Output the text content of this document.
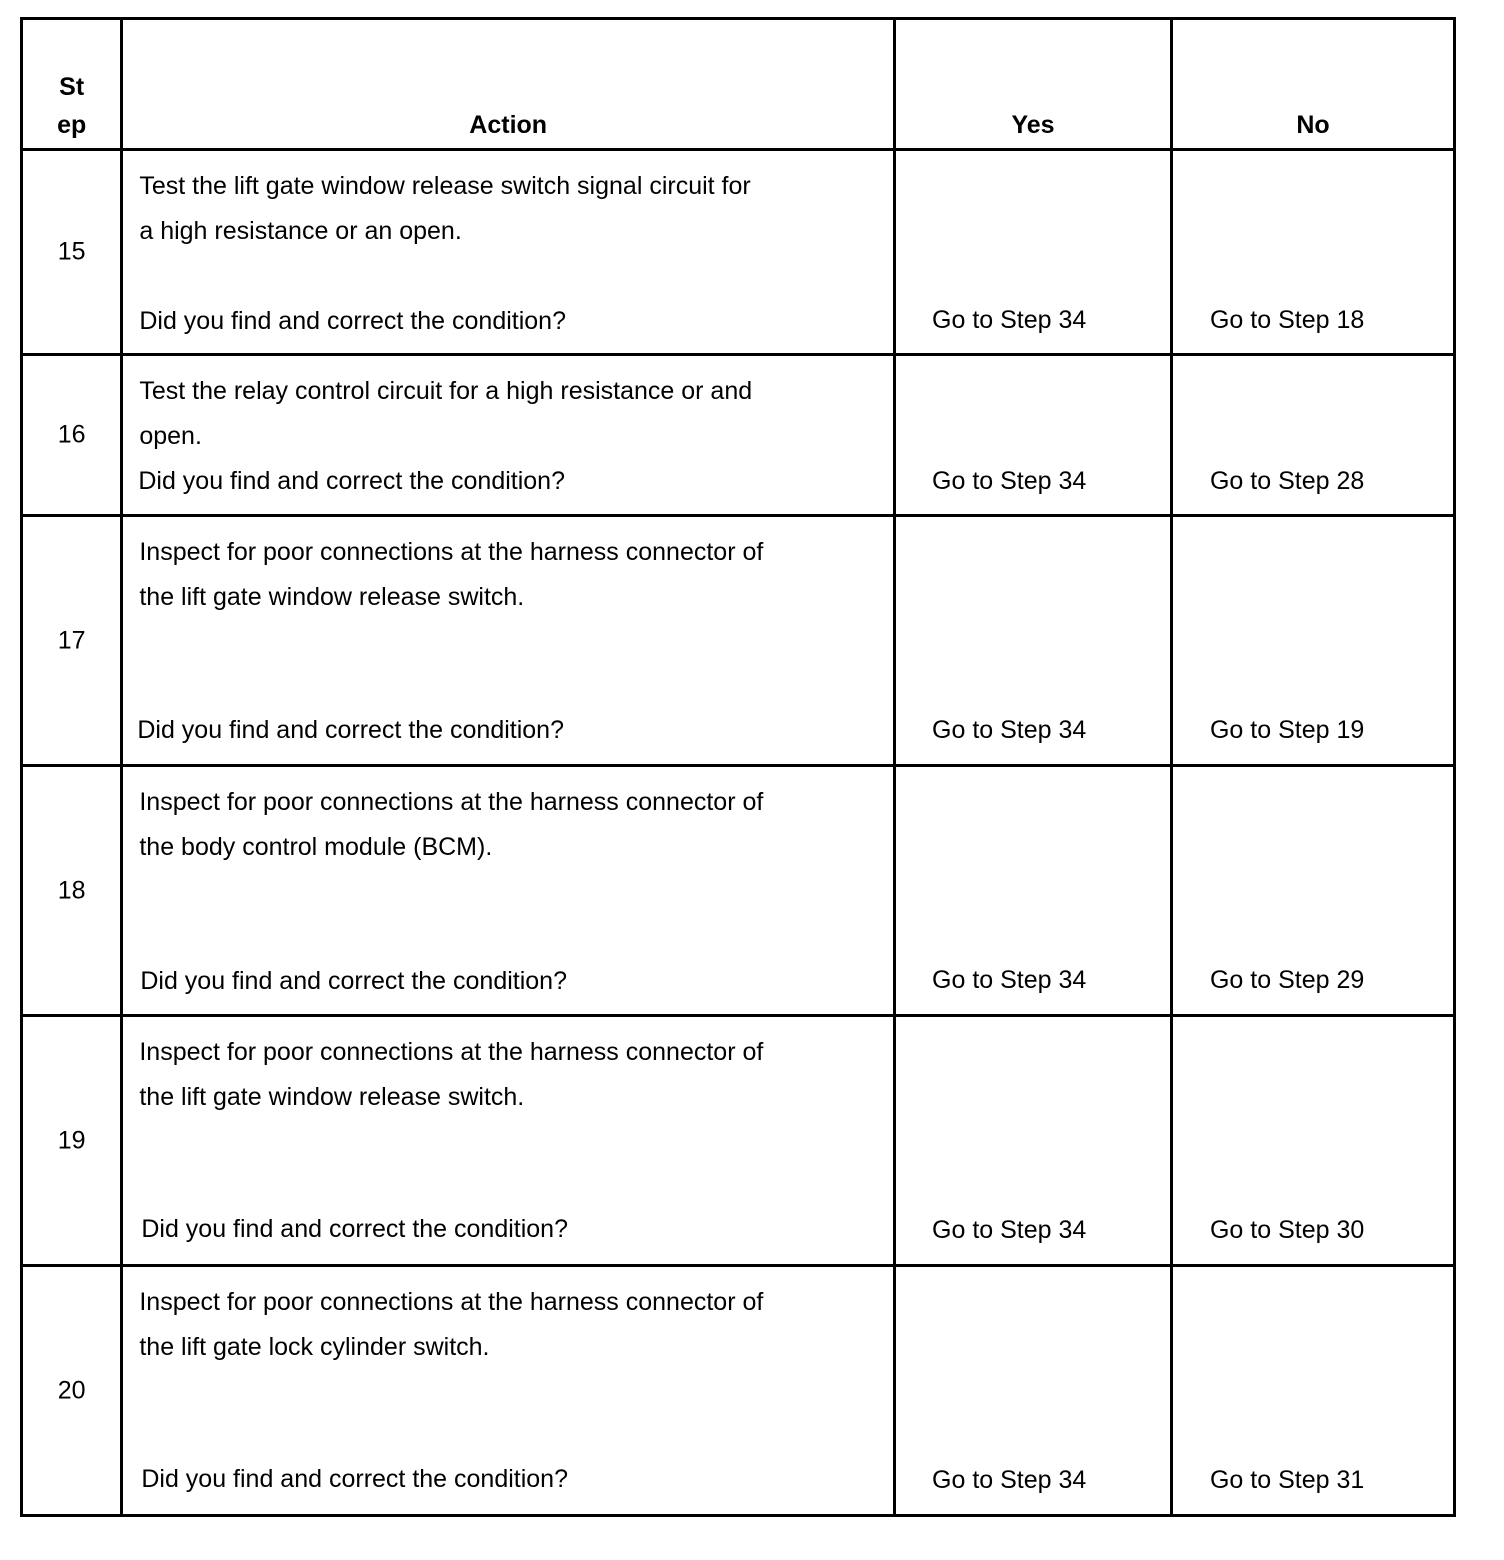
St
ep	Action	Yes	No

15	Test the lift gate window release switch signal circuit for
a high resistance or an open.
Did you find and correct the condition?	Go to Step 34	Go to Step 18

16	Test the relay control circuit for a high resistance or and
open.
Did you find and correct the condition?	Go to Step 34	Go to Step 28

17	Inspect for poor connections at the harness connector of
the lift gate window release switch.
Did you find and correct the condition?	Go to Step 34	Go to Step 19

18	Inspect for poor connections at the harness connector of
the body control module (BCM).
Did you find and correct the condition?	Go to Step 34	Go to Step 29

19	Inspect for poor connections at the harness connector of
the lift gate window release switch.
Did you find and correct the condition?	Go to Step 34	Go to Step 30

20	Inspect for poor connections at the harness connector of
the lift gate lock cylinder switch.
Did you find and correct the condition?	Go to Step 34	Go to Step 31
